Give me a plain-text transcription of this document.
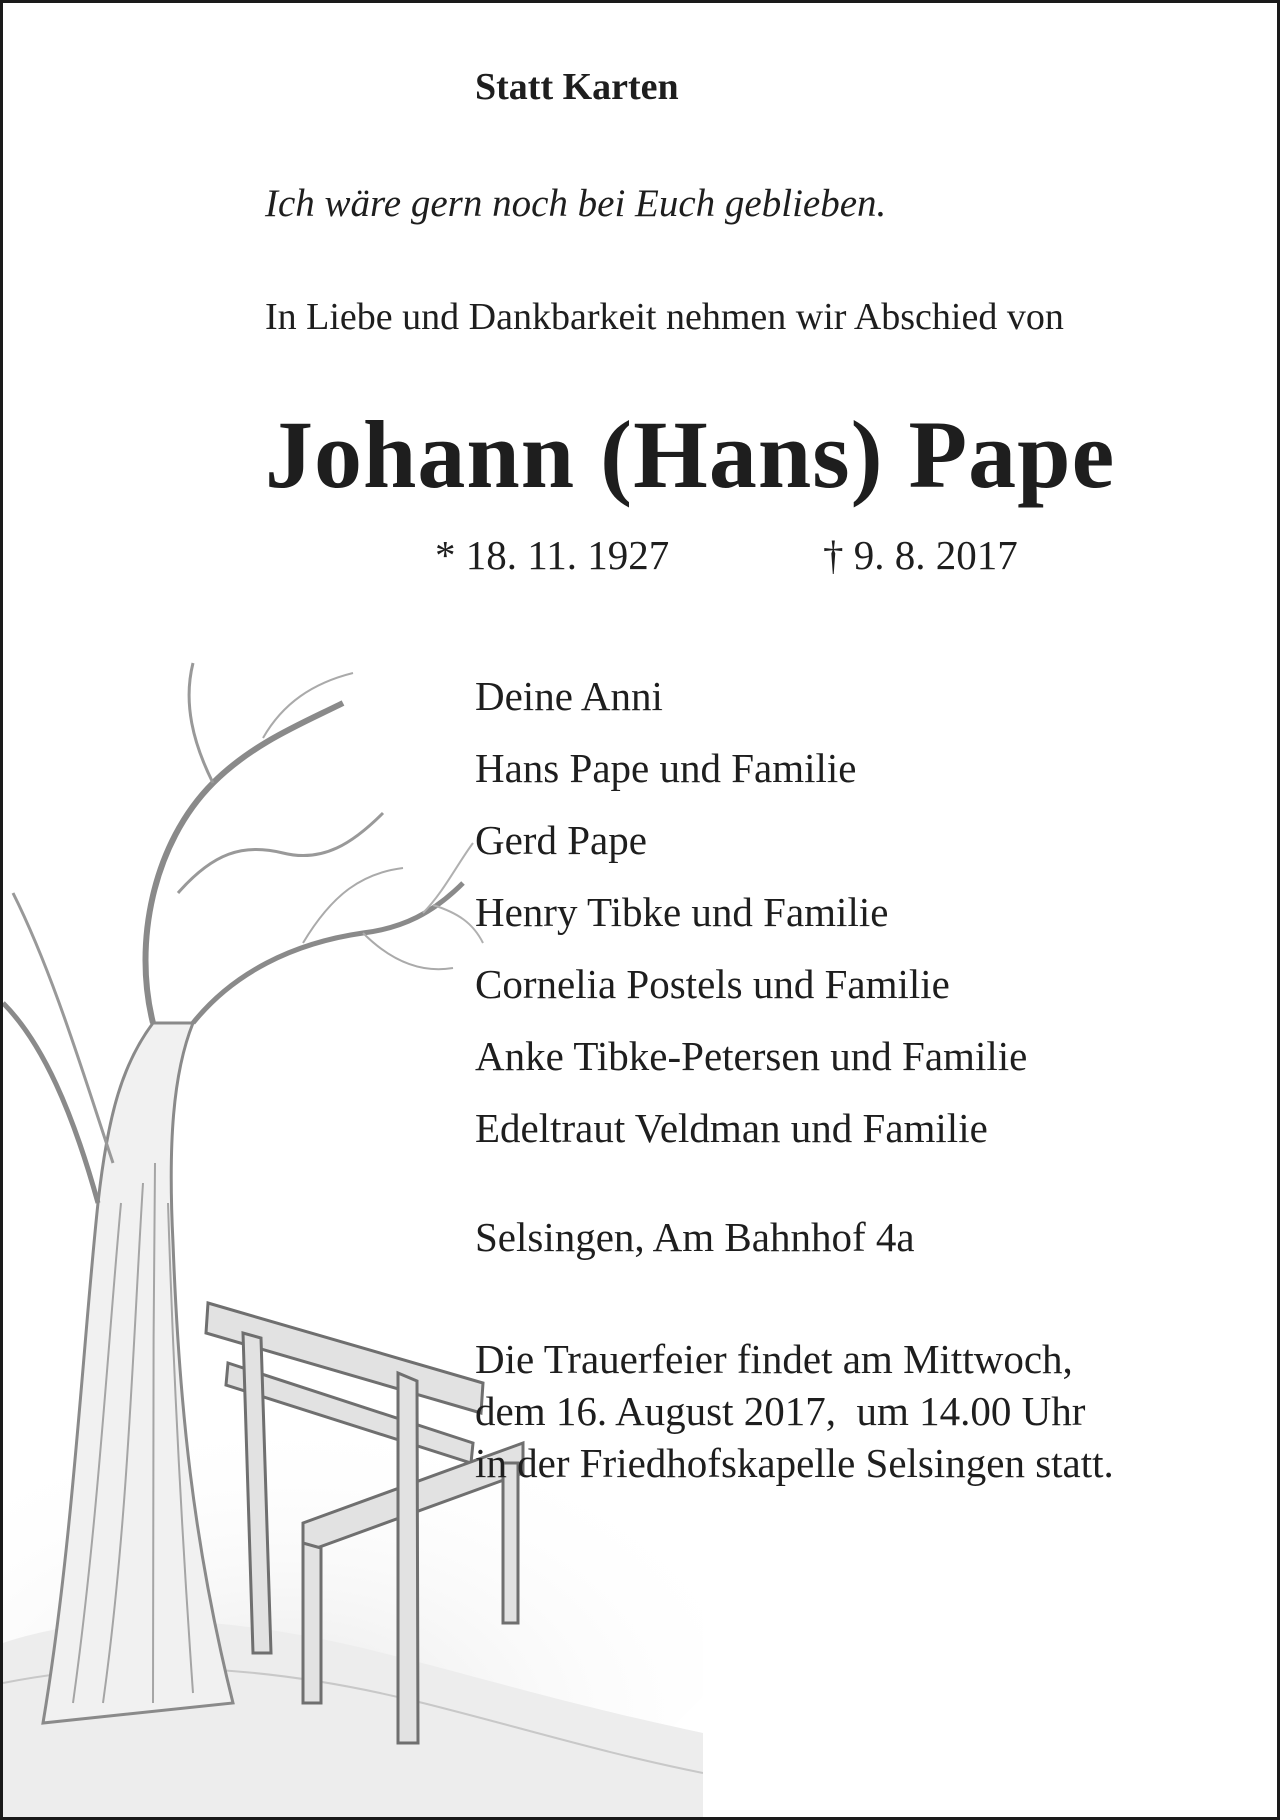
Statt Karten
Ich wäre gern noch bei Euch geblieben.
In Liebe und Dankbarkeit nehmen wir Abschied von
Johann (Hans) Pape
* 18. 11. 1927	† 9. 8. 2017
Deine Anni
Hans Pape und Familie
Gerd Pape
Henry Tibke und Familie
Cornelia Postels und Familie
Anke Tibke-Petersen und Familie
Edeltraut Veldman und Familie
Selsingen, Am Bahnhof 4a
Die Trauerfeier findet am Mittwoch,
dem 16. August 2017,  um 14.00 Uhr
in der Friedhofskapelle Selsingen statt.
